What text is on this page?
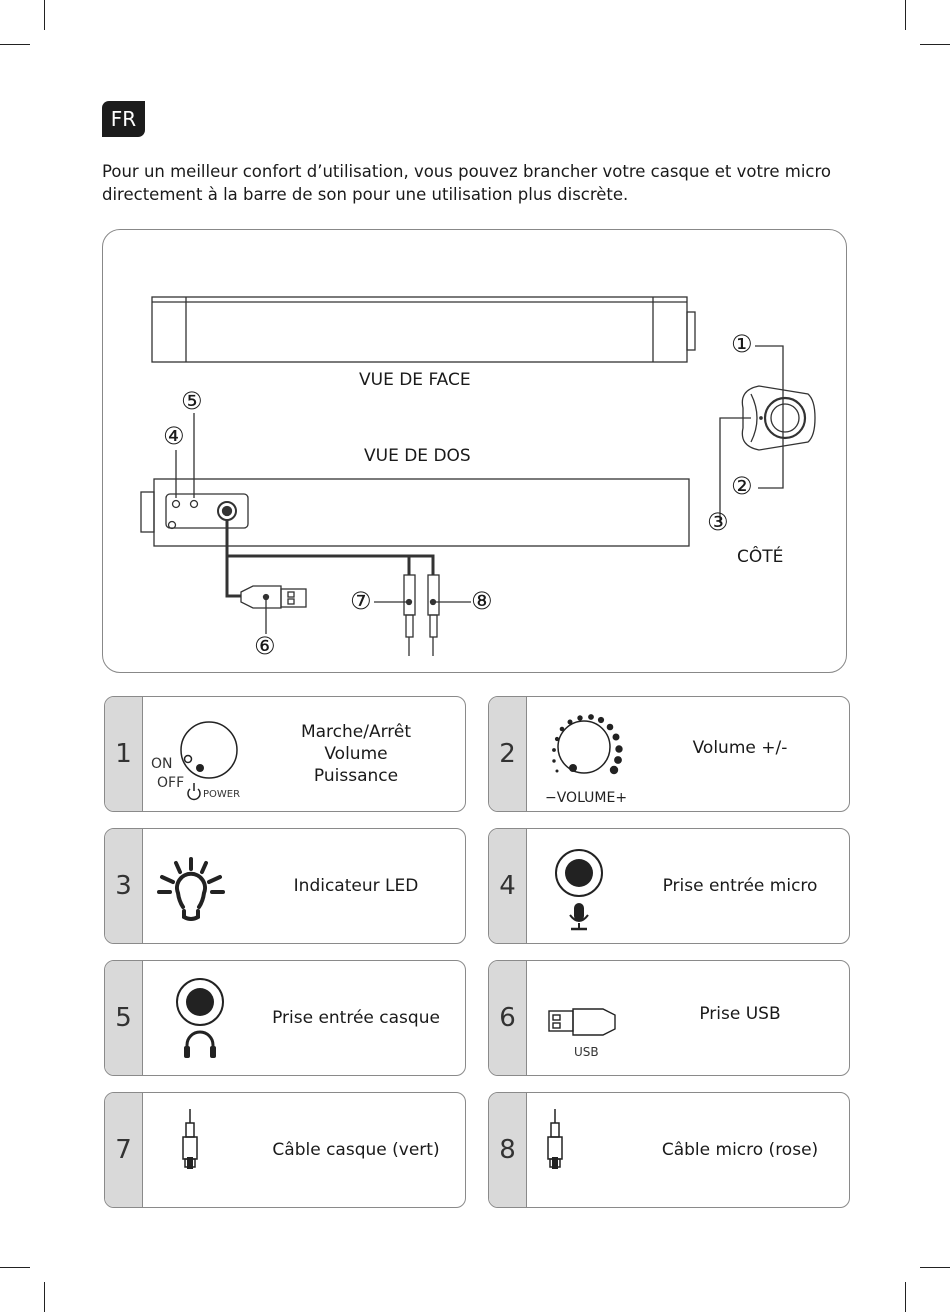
FR
Pour un meilleur confort d’utilisation, vous pouvez brancher votre casque et votre micro directement à la barre de son pour une utilisation plus discrète.
VUE DE FACE
VUE DE DOS
CÔTÉ
①
②
③
④
⑤
⑥
⑦	⑧
1	ON
OFF
POWER
Marche/Arrêt
Volume
Puissance
2
−VOLUME+
Volume +/-
3	Indicateur LED	4	Prise entrée micro
5	Prise entrée casque	6
USB
Prise USB
7	Câble casque (vert)	8	Câble micro (rose)
